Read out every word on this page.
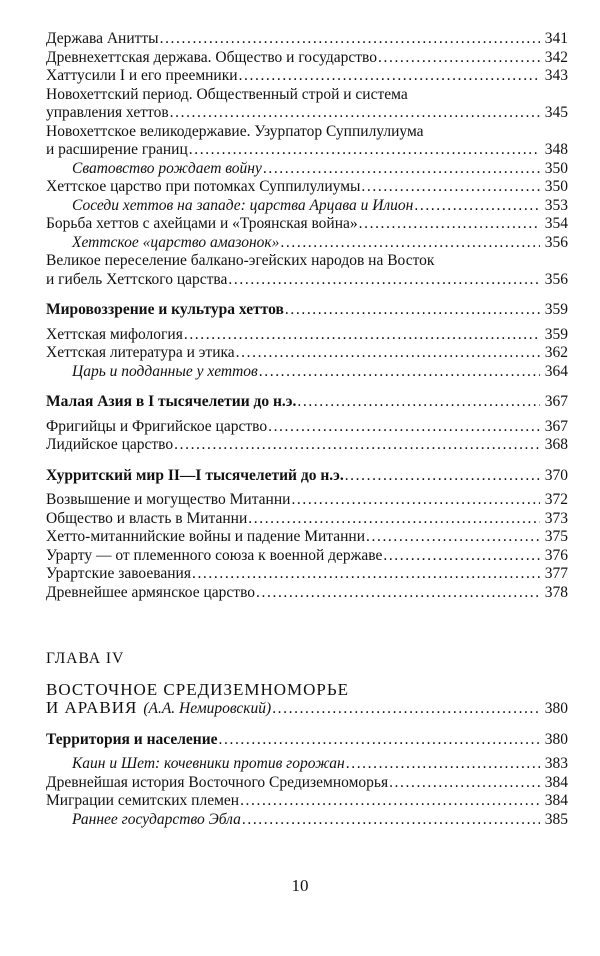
Держава Анитты .....	341
Древнехеттская держава. Общество и государство .....	342
Хаттусили I и его преемники .....	343
Новохеттский период. Общественный строй и система
управления хеттов .....	345
Новохеттское великодержавие. Узурпатор Суппилулиума
и расширение границ .....	348
Сватовство рождает войну .....	350
Хеттское царство при потомках Суппилулиумы .....	350
Соседи хеттов на западе: царства Арцава и Илион .....	353
Борьба хеттов с ахейцами и «Троянская война» .....	354
Хеттское «царство амазонок» .....	356
Великое переселение балкано-эгейских народов на Восток
и гибель Хеттского царства .....	356
Мировоззрение и культура хеттов .....	359
Хеттская мифология .....	359
Хеттская литература и этика .....	362
Царь и подданные у хеттов .....	364
Малая Азия в I тысячелетии до н.э. .....	367
Фригийцы и Фригийское царство .....	367
Лидийское царство .....	368
Хурритский мир II—I тысячелетий до н.э. .....	370
Возвышение и могущество Митанни .....	372
Общество и власть в Митанни .....	373
Хетто-митаннийские войны и падение Митанни .....	375
Урарту — от племенного союза к военной державе .....	376
Урартские завоевания .....	377
Древнейшее армянское царство .....	378
ГЛАВА IV
ВОСТОЧНОЕ СРЕДИЗЕМНОМОРЬЕ
И АРАВИЯ (А.А. Немировский) .....	380
Территория и население .....	380
Каин и Шет: кочевники против горожан .....	383
Древнейшая история Восточного Средиземноморья .....	384
Миграции семитских племен .....	384
Раннее государство Эбла .....	385
10
